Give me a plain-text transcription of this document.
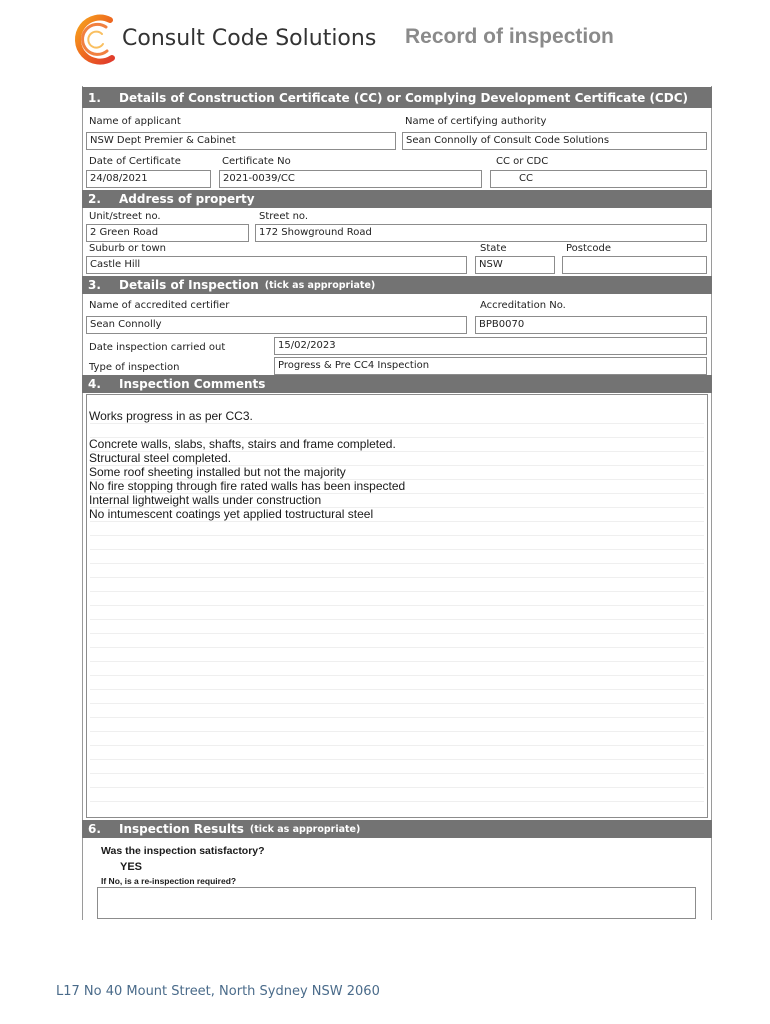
Consult Code Solutions Record of inspection
1.	Details of Construction Certificate (CC) or Complying Development Certificate (CDC)
Name of applicant
NSW Dept Premier & Cabinet
Name of certifying authority
Sean Connolly of Consult Code Solutions
Date of Certificate
24/08/2021
Certificate No
2021-0039/CC
CC or CDC
CC
2.	Address of property
Unit/street no.
2 Green Road
Street no.
172 Showground Road
Suburb or town
Castle Hill
State
NSW
Postcode
3.	Details of Inspection (tick as appropriate)
Name of accredited certifier
Sean Connolly
Accreditation No.
BPB0070
Date inspection carried out	15/02/2023
Type of inspection	Progress & Pre CC4 Inspection
4.	Inspection Comments
Works progress in as per CC3.
Concrete walls, slabs, shafts, stairs and frame completed.
Structural steel completed.
Some roof sheeting installed but not the majority
No fire stopping through fire rated walls has been inspected
Internal lightweight walls under construction
No intumescent coatings yet applied tostructural steel
6.	Inspection Results (tick as appropriate)
Was the inspection satisfactory?
YES
If No, is a re-inspection required?
L17 No 40 Mount Street, North Sydney NSW 2060
